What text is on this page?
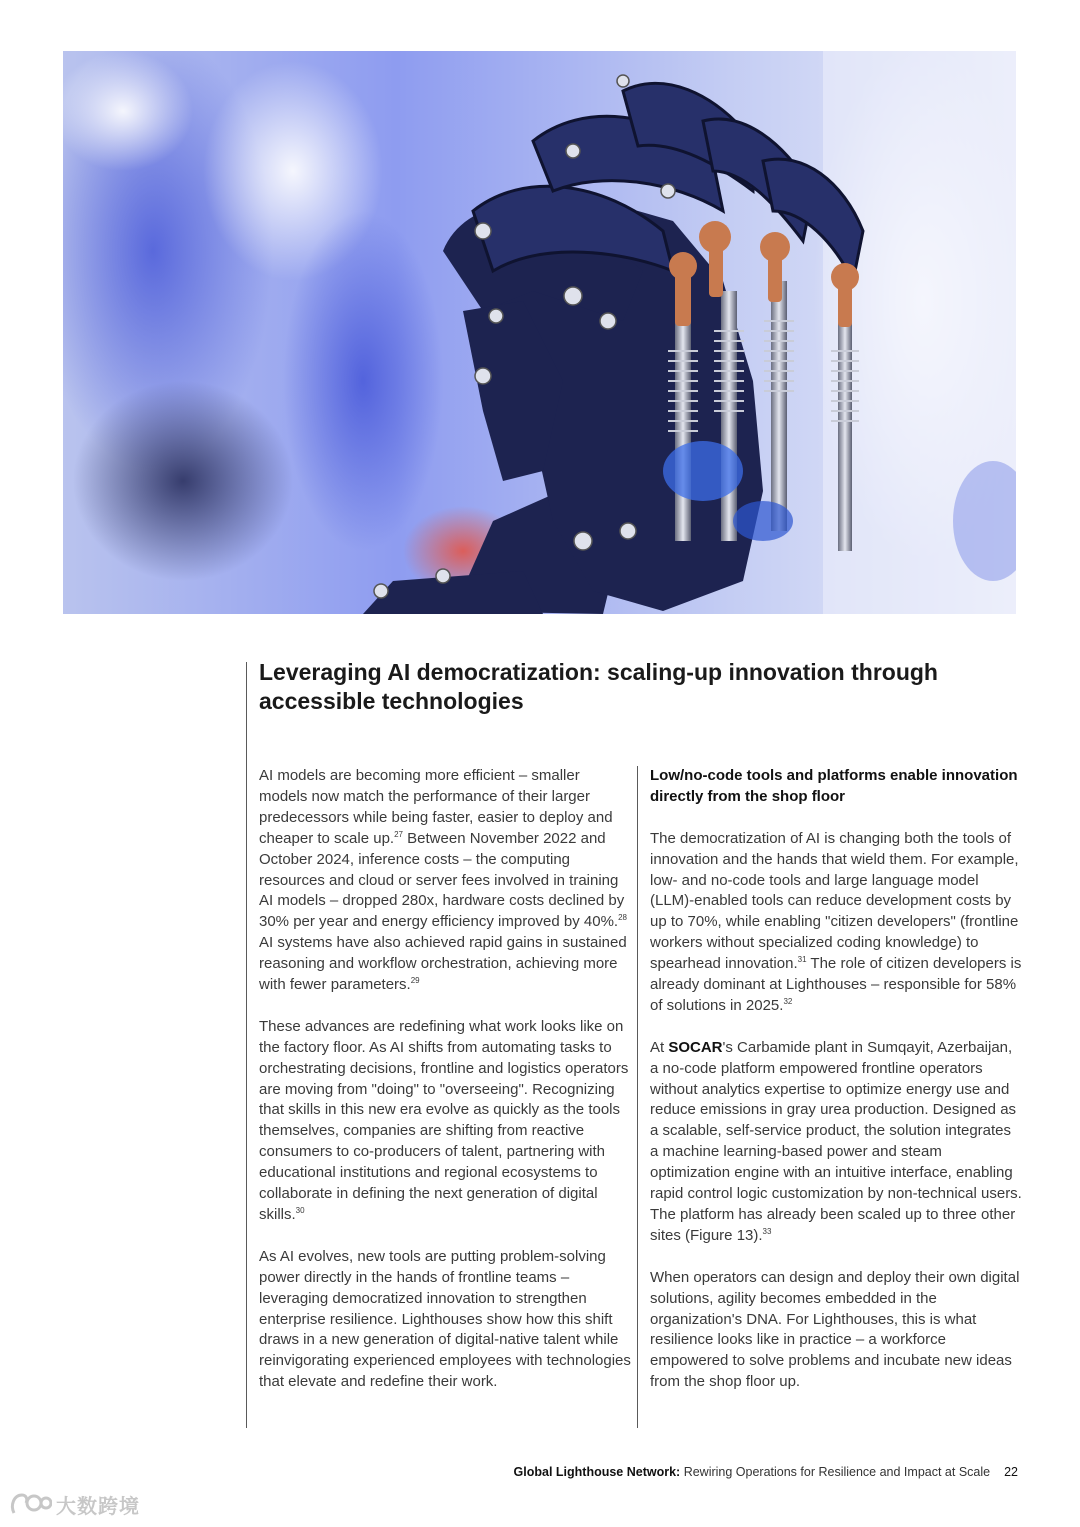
Leveraging AI democratization: scaling-up innovation through accessible technologies

AI models are becoming more efficient – smaller models now match the performance of their larger predecessors while being faster, easier to deploy and cheaper to scale up.$^{27}$ Between November 2022 and October 2024, inference costs – the computing resources and cloud or server fees involved in training AI models – dropped 280x, hardware costs declined by 30% per year and energy efficiency improved by 40%.$^{28}$ AI systems have also achieved rapid gains in sustained reasoning and workflow orchestration, achieving more with fewer parameters.$^{29}$

These advances are redefining what work looks like on the factory floor. As AI shifts from automating tasks to orchestrating decisions, frontline and logistics operators are moving from "doing" to "overseeing". Recognizing that skills in this new era evolve as quickly as the tools themselves, companies are shifting from reactive consumers to co-producers of talent, partnering with educational institutions and regional ecosystems to collaborate in defining the next generation of digital skills.$^{30}$

As AI evolves, new tools are putting problem-solving power directly in the hands of frontline teams – leveraging democratized innovation to strengthen enterprise resilience. Lighthouses show how this shift draws in a new generation of digital-native talent while reinvigorating experienced employees with technologies that elevate and redefine their work.

Low/no-code tools and platforms enable innovation directly from the shop floor

The democratization of AI is changing both the tools of innovation and the hands that wield them. For example, low- and no-code tools and large language model (LLM)-enabled tools can reduce development costs by up to 70%, while enabling "citizen developers" (frontline workers without specialized coding knowledge) to spearhead innovation.$^{31}$ The role of citizen developers is already dominant at Lighthouses – responsible for 58% of solutions in 2025.32

At SOCAR's Carbamide plant in Sumqayit, Azerbaijan, a no-code platform empowered frontline operators without analytics expertise to optimize energy use and reduce emissions in gray urea production. Designed as a scalable, self-service product, the solution integrates a machine learning-based power and steam optimization engine with an intuitive interface, enabling rapid control logic customization by non-technical users. The platform has already been scaled up to three other sites (Figure 13).$^{33}$

When operators can design and deploy their own digital solutions, agility becomes embedded in the organization's DNA. For Lighthouses, this is what resilience looks like in practice – a workforce empowered to solve problems and incubate new ideas from the shop floor up.

Global Lighthouse Network: Rewiring Operations for Resilience and Impact at Scale 22
大数跨境
